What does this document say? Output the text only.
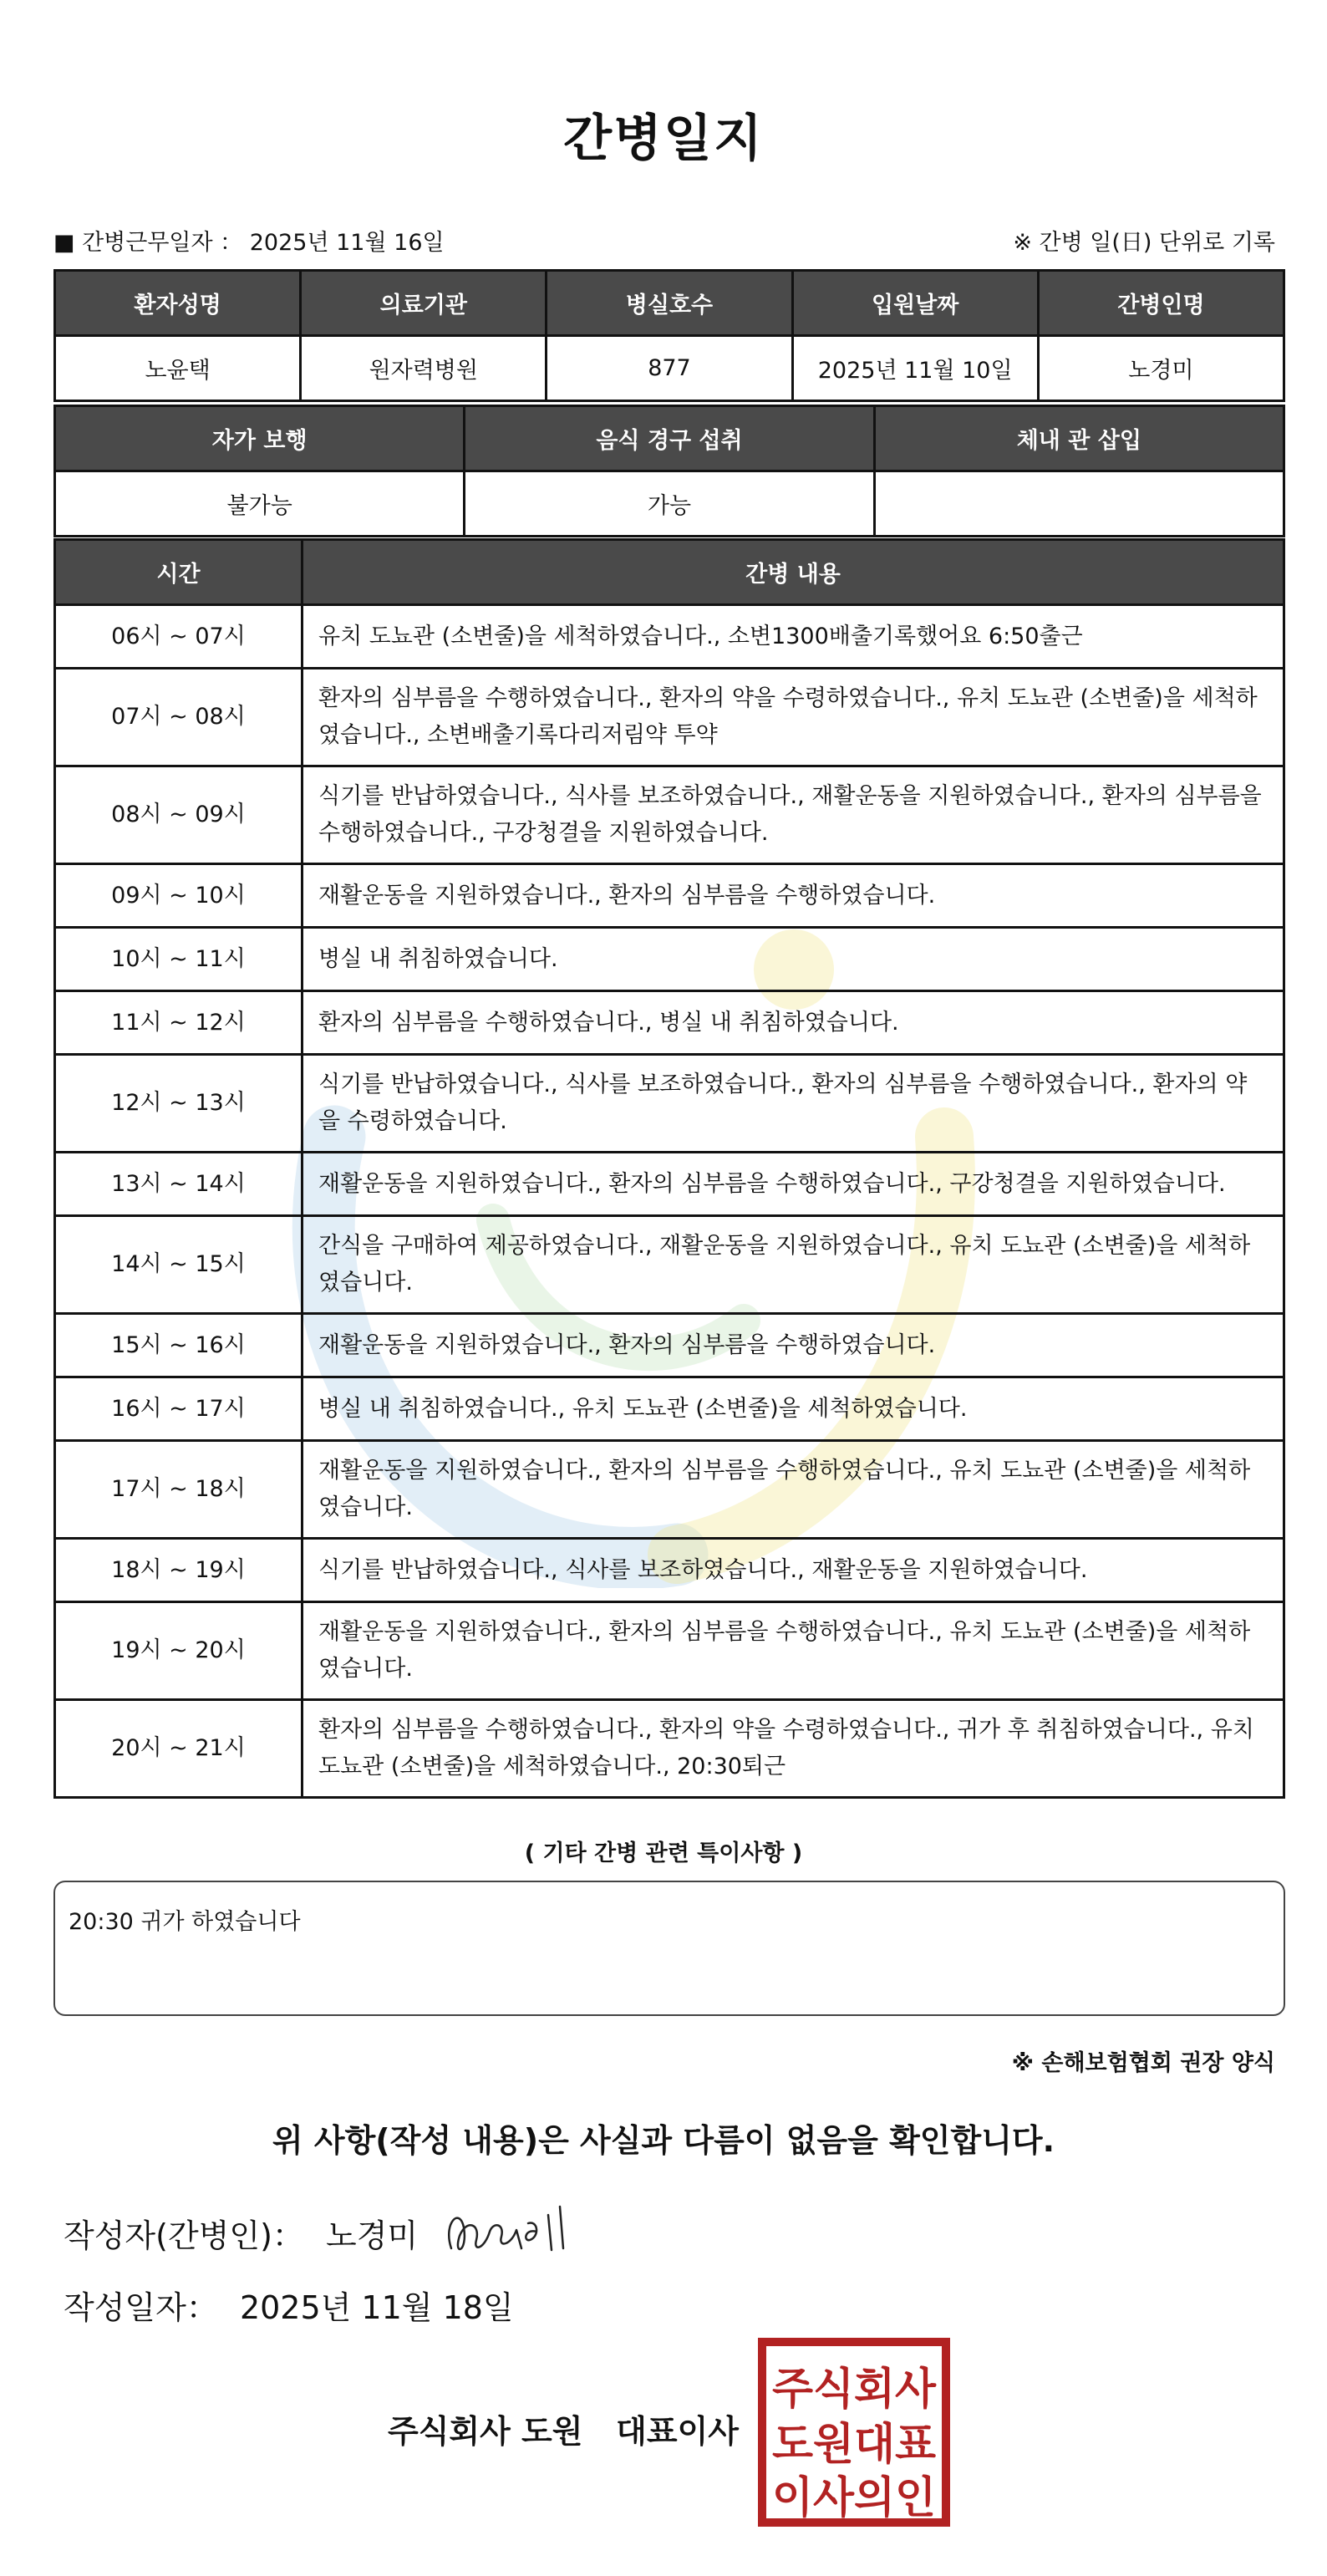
간병일지
■ 간병근무일자 ： 2025년 11월 16일	※ 간병 일(日) 단위로 기록
환자성명	의료기관	병실호수	입원날짜	간병인명
노윤택	원자력병원	877	2025년 11월 10일	노경미
자가 보행	음식 경구 섭취	체내 관 삽입
불가능	가능	
시간	간병 내용
06시 ~ 07시	유치 도뇨관 (소변줄)을 세척하였습니다., 소변1300배출기록했어요 6:50출근
07시 ~ 08시	환자의 심부름을 수행하였습니다., 환자의 약을 수령하였습니다., 유치 도뇨관 (소변줄)을 세척하였습니다., 소변배출기록다리저림약 투약
08시 ~ 09시	식기를 반납하였습니다., 식사를 보조하였습니다., 재활운동을 지원하였습니다., 환자의 심부름을 수행하였습니다., 구강청결을 지원하였습니다.
09시 ~ 10시	재활운동을 지원하였습니다., 환자의 심부름을 수행하였습니다.
10시 ~ 11시	병실 내 취침하였습니다.
11시 ~ 12시	환자의 심부름을 수행하였습니다., 병실 내 취침하였습니다.
12시 ~ 13시	식기를 반납하였습니다., 식사를 보조하였습니다., 환자의 심부름을 수행하였습니다., 환자의 약을 수령하였습니다.
13시 ~ 14시	재활운동을 지원하였습니다., 환자의 심부름을 수행하였습니다., 구강청결을 지원하였습니다.
14시 ~ 15시	간식을 구매하여 제공하였습니다., 재활운동을 지원하였습니다., 유치 도뇨관 (소변줄)을 세척하였습니다.
15시 ~ 16시	재활운동을 지원하였습니다., 환자의 심부름을 수행하였습니다.
16시 ~ 17시	병실 내 취침하였습니다., 유치 도뇨관 (소변줄)을 세척하였습니다.
17시 ~ 18시	재활운동을 지원하였습니다., 환자의 심부름을 수행하였습니다., 유치 도뇨관 (소변줄)을 세척하였습니다.
18시 ~ 19시	식기를 반납하였습니다., 식사를 보조하였습니다., 재활운동을 지원하였습니다.
19시 ~ 20시	재활운동을 지원하였습니다., 환자의 심부름을 수행하였습니다., 유치 도뇨관 (소변줄)을 세척하였습니다.
20시 ~ 21시	환자의 심부름을 수행하였습니다., 환자의 약을 수령하였습니다., 귀가 후 취침하였습니다., 유치 도뇨관 (소변줄)을 세척하였습니다., 20:30퇴근
( 기타 간병 관련 특이사항 )
20:30 귀가 하였습니다
※ 손해보험협회 권장 양식
위 사항(작성 내용)은 사실과 다름이 없음을 확인합니다.
작성자(간병인)： 노경미
작성일자： 2025년 11월 18일
주식회사 도원   대표이사
주식회사
도원대표
이사의인
